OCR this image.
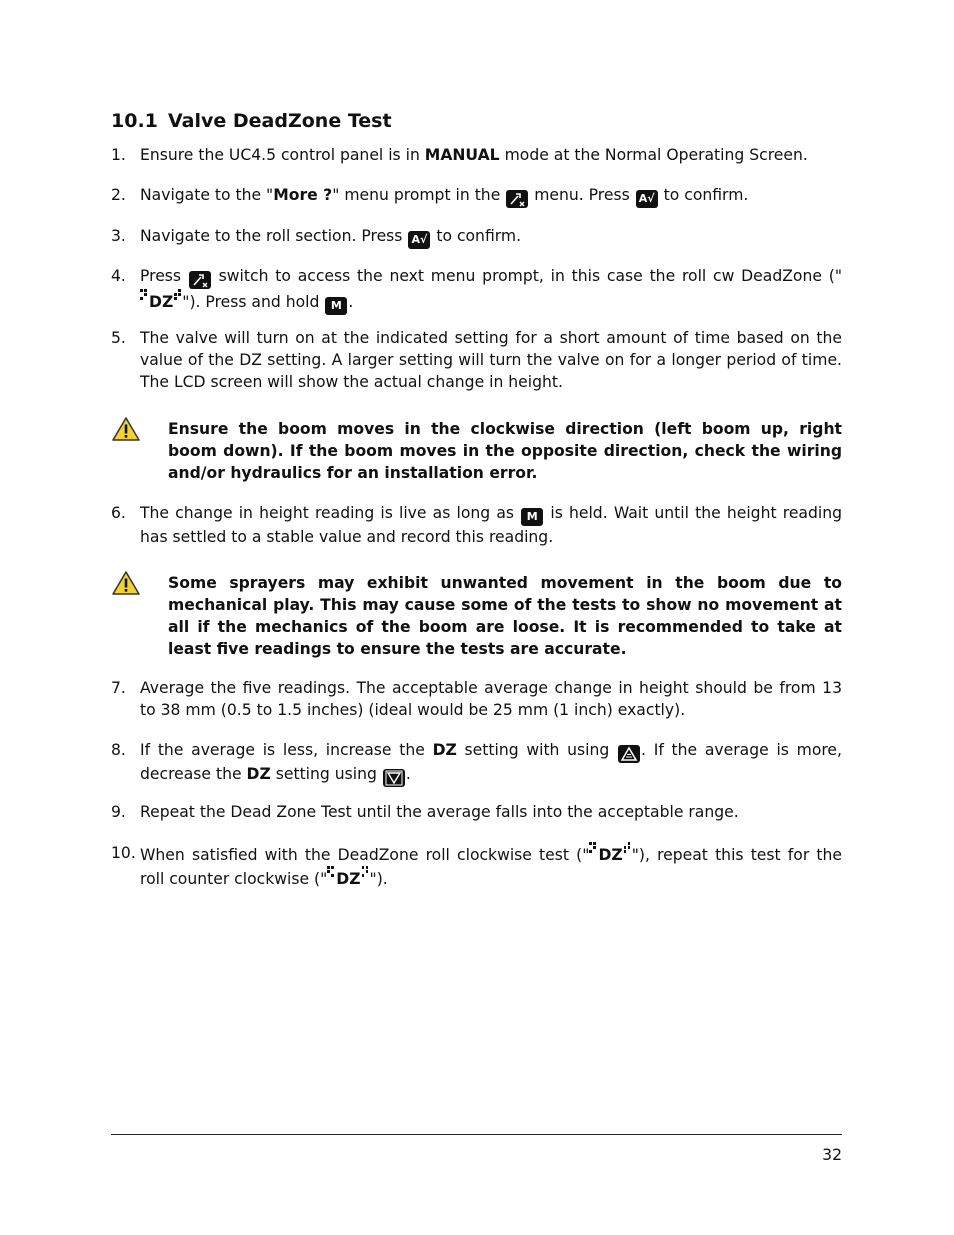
10.1 Valve DeadZone Test
1. Ensure the UC4.5 control panel is in MANUAL mode at the Normal Operating Screen.
2. Navigate to the "More ?" menu prompt in the  menu. Press A√ to confirm.
3. Navigate to the roll section. Press A√ to confirm.
4. Press  switch to access the next menu prompt, in this case the roll cw DeadZone ("
DZ "). Press and hold M .
5. The valve will turn on at the indicated setting for a short amount of time based on the value of the DZ setting. A larger setting will turn the valve on for a longer period of time. The LCD screen will show the actual change in height.
Ensure the boom moves in the clockwise direction (left boom up, right boom down). If the boom moves in the opposite direction, check the wiring and/or hydraulics for an installation error.
6. The change in height reading is live as long as M is held. Wait until the height reading has settled to a stable value and record this reading.
Some sprayers may exhibit unwanted movement in the boom due to mechanical play. This may cause some of the tests to show no movement at all if the mechanics of the boom are loose. It is recommended to take at least five readings to ensure the tests are accurate.
7. Average the five readings. The acceptable average change in height should be from 13 to 38 mm (0.5 to 1.5 inches) (ideal would be 25 mm (1 inch) exactly).
8. If the average is less, increase the DZ setting with using . If the average is more, decrease the DZ setting using .
9. Repeat the Dead Zone Test until the average falls into the acceptable range.
10. When satisfied with the DeadZone roll clockwise test (" DZ "), repeat this test for the roll counter clockwise (" DZ ").
32
